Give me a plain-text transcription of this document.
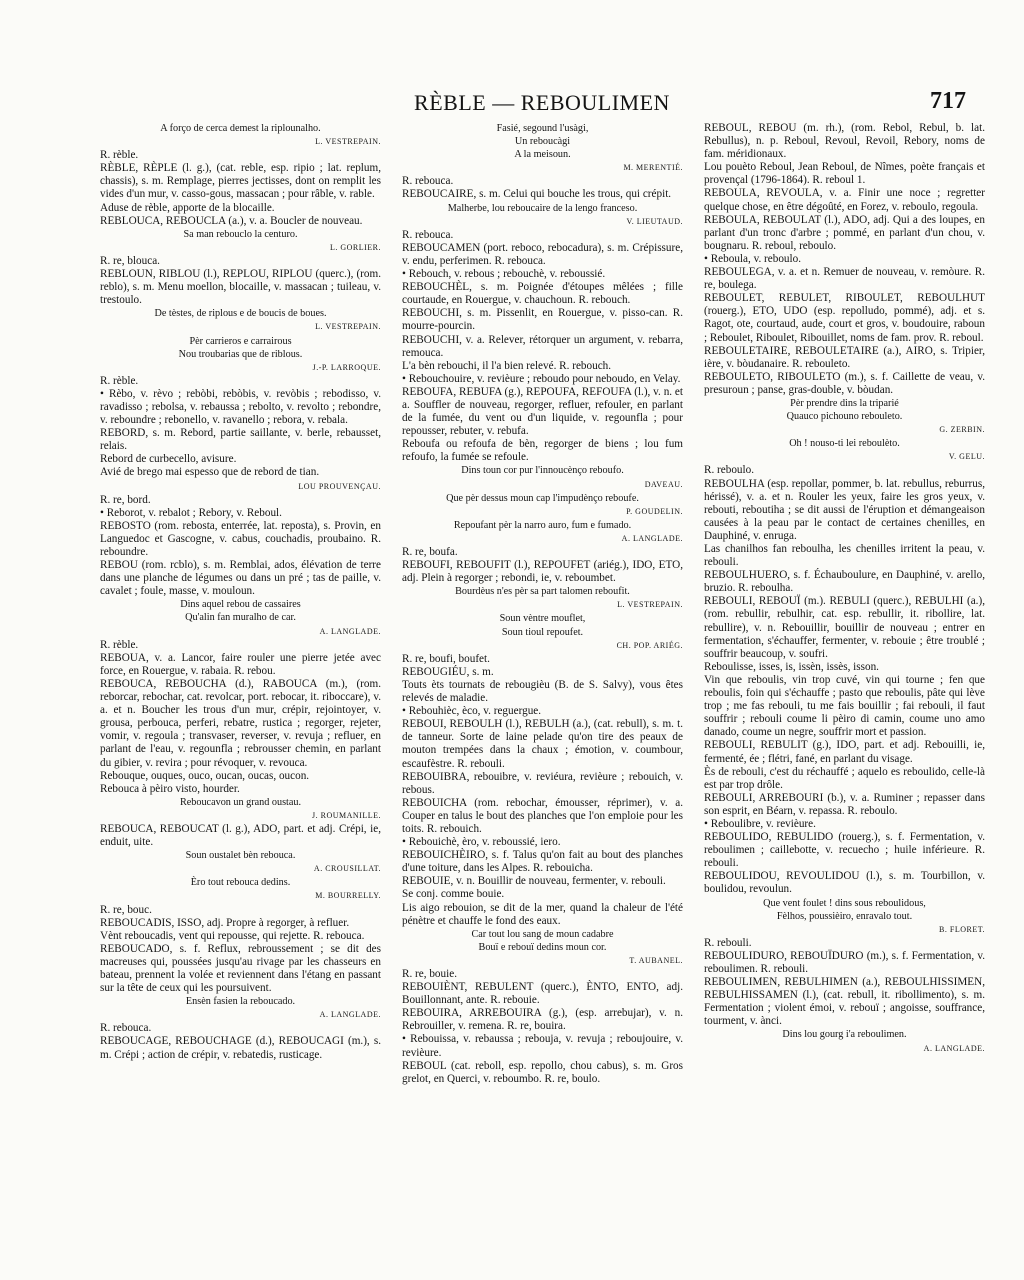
RÈBLE — REBOULIMEN	717

A forço de cerca demest la riplounalho.

L. VESTREPAIN.

R. rèble.

RÈBLE, RÈPLE (l. g.), (cat. reble, esp. ripio ; lat. replum, chassis), s. m. Remplage, pierres jectisses, dont on remplit les vides d'un mur, v. casso-gous, massacan ; pour râble, v. rable.

Aduse de rèble, apporte de la blocaille.

REBLOUCA, REBOUCLA (a.), v. a. Boucler de nouveau.

Sa man rebouclo la centuro.

L. GORLIER.

R. re, blouca.

REBLOUN, RIBLOU (l.), REPLOU, RIPLOU (querc.), (rom. reblo), s. m. Menu moellon, blocaille, v. massacan ; tuileau, v. trestoulo.

De tèstes, de riplous e de boucis de boues.

L. VESTREPAIN.

Pèr carrieros e carrairous

Nou troubarias que de riblous.

J.-P. LARROQUE.

R. rèble.

• Rèbo, v. rèvo ; rebòbi, rebòbis, v. revòbis ; rebodisso, v. ravadisso ; rebolsa, v. rebaussa ; rebolto, v. revolto ; rebondre, v. reboundre ; rebonello, v. ravanello ; rebora, v. rebala.

REBORD, s. m. Rebord, partie saillante, v. berle, rebausset, relais.

Rebord de curbecello, avisure.

Avié de brego mai espesso que de rebord de tian.

LOU PROUVENÇAU.

R. re, bord.

• Reborot, v. rebalot ; Rebory, v. Reboul.

REBOSTO (rom. rebosta, enterrée, lat. reposta), s. Provin, en Languedoc et Gascogne, v. cabus, couchadis, proubaino. R. reboundre.

REBOU (rom. rcblo), s. m. Remblai, ados, élévation de terre dans une planche de légumes ou dans un pré ; tas de paille, v. cavalet ; foule, masse, v. mouloun.

Dins aquel rebou de cassaires

Qu'alin fan muralho de car.

A. LANGLADE.

R. rèble.

REBOUA, v. a. Lancor, faire rouler une pierre jetée avec force, en Rouergue, v. rabaia. R. rebou.

REBOUCA, REBOUCHA (d.), RABOUCA (m.), (rom. reborcar, rebochar, cat. revolcar, port. rebocar, it. riboccare), v. a. et n. Boucher les trous d'un mur, crépir, rejointoyer, v. grousa, perbouca, perferi, rebatre, rustica ; regorger, rejeter, vomir, v. regoula ; transvaser, reverser, v. revuja ; refluer, en parlant de l'eau, v. regounfla ; rebrousser chemin, en parlant du gibier, v. revira ; pour révoquer, v. revouca.

Rebouque, ouques, ouco, oucan, oucas, oucon.

Rebouca à pèiro visto, hourder.

Reboucavon un grand oustau.

J. ROUMANILLE.

REBOUCA, REBOUCAT (l. g.), ADO, part. et adj. Crépi, ie, enduit, uite.

Soun oustalet bèn reboucа.

A. CROUSILLAT.

Èro tout reboucа dedins.

M. BOURRELLY.

R. re, bouc.

REBOUCADIS, ISSO, adj. Propre à regorger, à refluer.

Vènt reboucadis, vent qui repousse, qui rejette. R. rebouca.

REBOUCADO, s. f. Reflux, rebroussement ; se dit des macreuses qui, poussées jusqu'au rivage par les chasseurs en bateau, prennent la volée et reviennent dans l'étang en passant sur la tête de ceux qui les poursuivent.

Ensèn fasien la reboucado.

A. LANGLADE.

R. rebouca.

REBOUCAGE, REBOUCHAGE (d.), REBOUCAGI (m.), s. m. Crépi ; action de crépir, v. rebatedis, rusticage.

Fasié, segound l'usàgi,

Un reboucàgi

A la meisoun.

M. MERENTIÉ.

R. rebouca.

REBOUCAIRE, s. m. Celui qui bouche les trous, qui crépit.

Malherbe, lou reboucaire de la lengo franceso.

V. LIEUTAUD.

R. rebouca.

REBOUCAMEN (port. reboco, rebocadura), s. m. Crépissure, v. endu, perferimen. R. rebouca.

• Rebouch, v. rebous ; rebouchè, v. reboussié.

REBOUCHÈL, s. m. Poignée d'étoupes mêlées ; fille courtaude, en Rouergue, v. chauchoun. R. rebouch.

REBOUCHI, s. m. Pissenlit, en Rouergue, v. pisso-can. R. mourre-pourcin.

REBOUCHI, v. a. Relever, rétorquer un argument, v. rebarra, remouca.

L'a bèn rebouchi, il l'a bien relevé. R. rebouch.

• Rebouchouire, v. revièure ; reboudo pour neboudo, en Velay.

REBOUFA, REBUFA (g.), REPOUFA, REFOUFA (l.), v. n. et a. Souffler de nouveau, regorger, refluer, refouler, en parlant de la fumée, du vent ou d'un liquide, v. regounfla ; pour repousser, rebuter, v. rebufa.

Reboufa ou refoufa de bèn, regorger de biens ; lou fum refoufo, la fumée se refoule.

Dins toun cor pur l'innoucènço reboufo.

DAVEAU.

Que pèr dessus moun cap l'impudènço reboufe.

P. GOUDELIN.

Repoufant pèr la narro auro, fum e fumado.

A. LANGLADE.

R. re, boufa.

REBOUFI, REBOUFIT (l.), REPOUFET (ariég.), IDO, ETO, adj. Plein à regorger ; rebondi, ie, v. reboumbet.

Bourdèus n'es pèr sa part talomen reboufit.

L. VESTREPAIN.

Soun vèntre mouflet,

Soun tioul repoufet.

CH. POP. ARIÉG.

R. re, boufi, boufet.

REBOUGIÉU, s. m.

Touts èts tournats de rebougièu (B. de S. Salvy), vous êtes relevés de maladie.

• Rebouhièc, èco, v. reguergue.

REBOUI, REBOULH (l.), REBULH (a.), (cat. rebull), s. m. t. de tanneur. Sorte de laine pelade qu'on tire des peaux de mouton trempées dans la chaux ; émotion, v. coumbour, escaufèstre. R. rebouli.

REBOUIBRA, rebouibre, v. reviéura, revièure ; rebouich, v. rebous.

REBOUICHA (rom. rebochar, émousser, réprimer), v. a. Couper en talus le bout des planches que l'on emploie pour les toits. R. rebouich.

• Rebouichè, èro, v. reboussié, iero.

REBOUICHÈIRO, s. f. Talus qu'on fait au bout des planches d'une toiture, dans les Alpes. R. rebouicha.

REBOUIE, v. n. Bouillir de nouveau, fermenter, v. rebouli.

Se conj. comme bouie.

Lis aigo rebouion, se dit de la mer, quand la chaleur de l'été pénètre et chauffe le fond des eaux.

Car tout lou sang de moun cadabre

Bouï e rebouï dedins moun cor.

T. AUBANEL.

R. re, bouie.

REBOUIÈNT, REBULENT (querc.), ÈNTO, ENTO, adj. Bouillonnant, ante. R. rebouie.

REBOUIRA, ARREBOUIRA (g.), (esp. arrebujar), v. n. Rebrouiller, v. remena. R. re, bouira.

• Rebouissa, v. rebaussa ; rebouja, v. revuja ; reboujouire, v. revièure.

REBOUL (cat. reboll, esp. repollo, chou cabus), s. m. Gros grelot, en Querci, v. reboumbo. R. re, boulo.

REBOUL, REBOU (m. rh.), (rom. Rebol, Rebul, b. lat. Rebullus), n. p. Reboul, Revoul, Revoil, Rebory, noms de fam. méridionaux.

Lou pouèto Reboul, Jean Reboul, de Nîmes, poète français et provençal (1796-1864). R. reboul 1.

REBOULA, REVOULA, v. a. Finir une noce ; regretter quelque chose, en être dégoûté, en Forez, v. reboulo, regoula.

REBOULA, REBOULAT (l.), ADO, adj. Qui a des loupes, en parlant d'un tronc d'arbre ; pommé, en parlant d'un chou, v. bougnaru. R. reboul, reboulo.

• Reboula, v. reboulo.

REBOULEGA, v. a. et n. Remuer de nouveau, v. remòure. R. re, boulega.

REBOULET, REBULET, RIBOULET, REBOULHUT (rouerg.), ETO, UDO (esp. repolludo, pommé), adj. et s. Ragot, ote, courtaud, aude, court et gros, v. boudouire, raboun ; Reboulet, Riboulet, Ribouillet, noms de fam. prov. R. reboul.

REBOULETAIRE, REBOULETAIRE (a.), AIRO, s. Tripier, ière, v. bòudanaire. R. rebouleto.

REBOULETO, RIBOULETO (m.), s. f. Caillette de veau, v. presuroun ; panse, gras-double, v. bòudan.

Pèr prendre dins la triparié

Quauco pichouno rebouleto.

G. ZERBIN.

Oh ! nouso-ti lei reboulèto.

V. GELU.

R. reboulo.

REBOULHA (esp. repollar, pommer, b. lat. rebullus, reburrus, hérissé), v. a. et n. Rouler les yeux, faire les gros yeux, v. rebouti, reboutiha ; se dit aussi de l'éruption et démangeaison causées à la peau par le contact de certaines chenilles, en Dauphiné, v. enruga.

Las chanilhos fan reboulha, les chenilles irritent la peau, v. rebouli.

REBOULHUERO, s. f. Échauboulure, en Dauphiné, v. arello, bruzio. R. reboulha.

REBOULI, REBOUÏ (m.). REBULI (querc.), REBULHI (a.), (rom. rebullir, rebulhir, cat. esp. rebullir, it. ribollire, lat. rebullire), v. n. Rebouillir, bouillir de nouveau ; entrer en fermentation, s'échauffer, fermenter, v. rebouie ; être troublé ; souffrir beaucoup, v. soufri.

Reboulisse, isses, is, issèn, issès, isson.

Vin que reboulis, vin trop cuvé, vin qui tourne ; fen que reboulis, foin qui s'échauffe ; pasto que reboulis, pâte qui lève trop ; me fas rebouli, tu me fais bouillir ; fai rebouli, il faut souffrir ; rebouli coume li pèiro di camin, coume uno amo danado, coume un negre, souffrir mort et passion.

REBOULI, REBULIT (g.), IDO, part. et adj. Rebouilli, ie, fermenté, ée ; flétri, fané, en parlant du visage.

Ès de rebouli, c'est du réchauffé ; aquelo es reboulido, celle-là est par trop drôle.

REBOULI, ARREBOURI (b.), v. a. Ruminer ; repasser dans son esprit, en Béarn, v. repassa. R. reboulo.

• Reboulibre, v. revièure.

REBOULIDO, REBULIDO (rouerg.), s. f. Fermentation, v. reboulimen ; caillebotte, v. recuecho ; huile inférieure. R. rebouli.

REBOULIDOU, REVOULIDOU (l.), s. m. Tourbillon, v. boulidou, revoulun.

Que vent foulet ! dins sous reboulidous,

Fèlhos, poussièiro, enravalo tout.

B. FLORET.

R. rebouli.

REBOULIDURO, REBOUÏDURO (m.), s. f. Fermentation, v. reboulimen. R. rebouli.

REBOULIMEN, REBULHIMEN (a.), REBOULHISSIMEN, REBULHISSAMEN (l.), (cat. rebull, it. ribollimento), s. m. Fermentation ; violent émoi, v. rebouï ; angoisse, souffrance, tourment, v. ànci.

Dins lou gourg i'a reboulimen.

A. LANGLADE.
